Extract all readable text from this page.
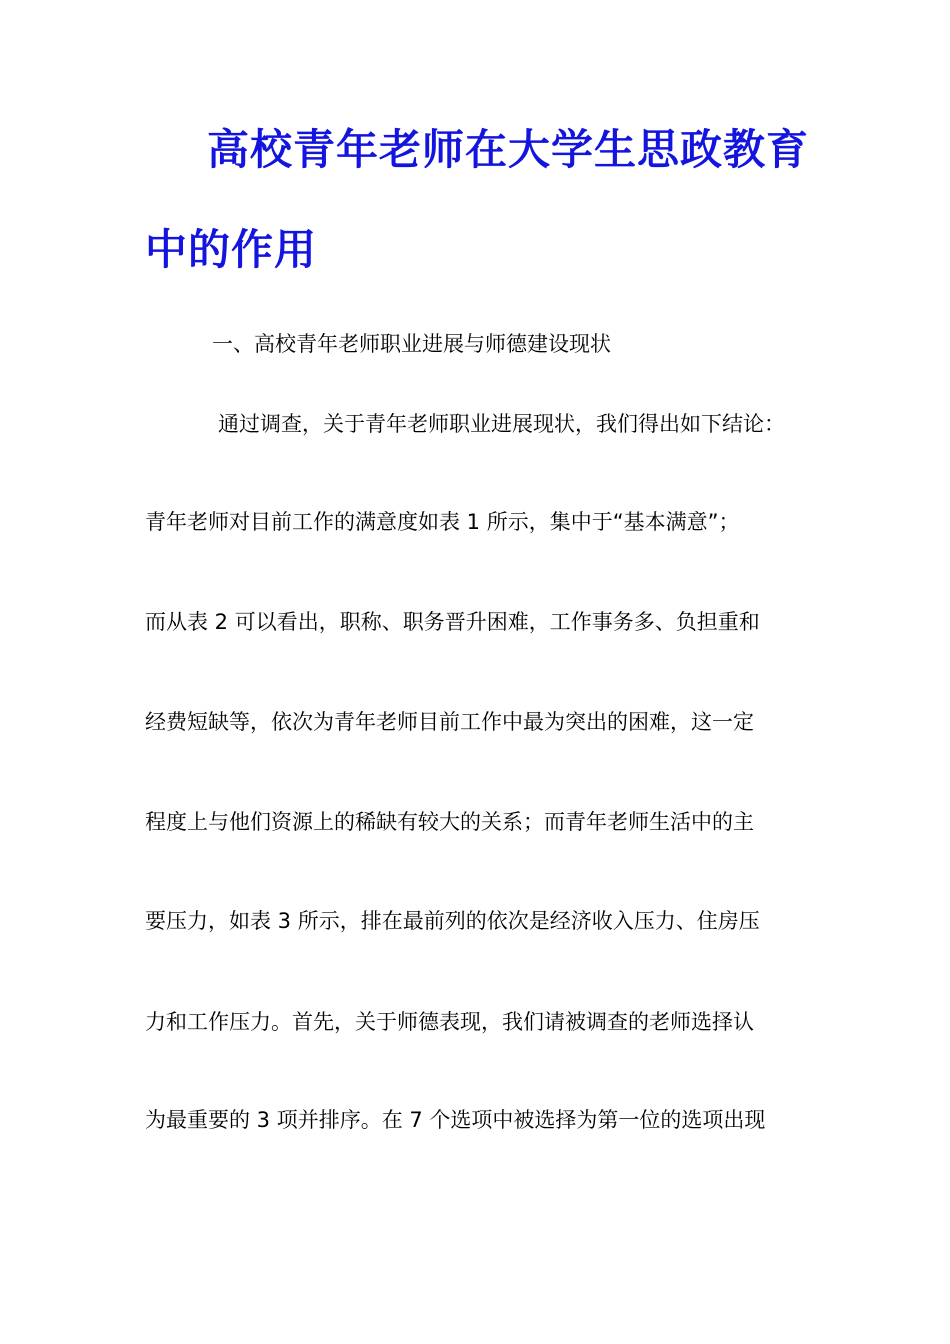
高校青年老师在大学生思政教育
中的作用
一、高校青年老师职业进展与师德建设现状
通过调查，关于青年老师职业进展现状，我们得出如下结论：
青年老师对目前工作的满意度如表 1 所示，集中于“基本满意”；
而从表 2 可以看出，职称、职务晋升困难，工作事务多、负担重和
经费短缺等，依次为青年老师目前工作中最为突出的困难，这一定
程度上与他们资源上的稀缺有较大的关系；而青年老师生活中的主
要压力，如表 3 所示，排在最前列的依次是经济收入压力、住房压
力和工作压力。首先，关于师德表现，我们请被调查的老师选择认
为最重要的 3 项并排序。在 7 个选项中被选择为第一位的选项出现
